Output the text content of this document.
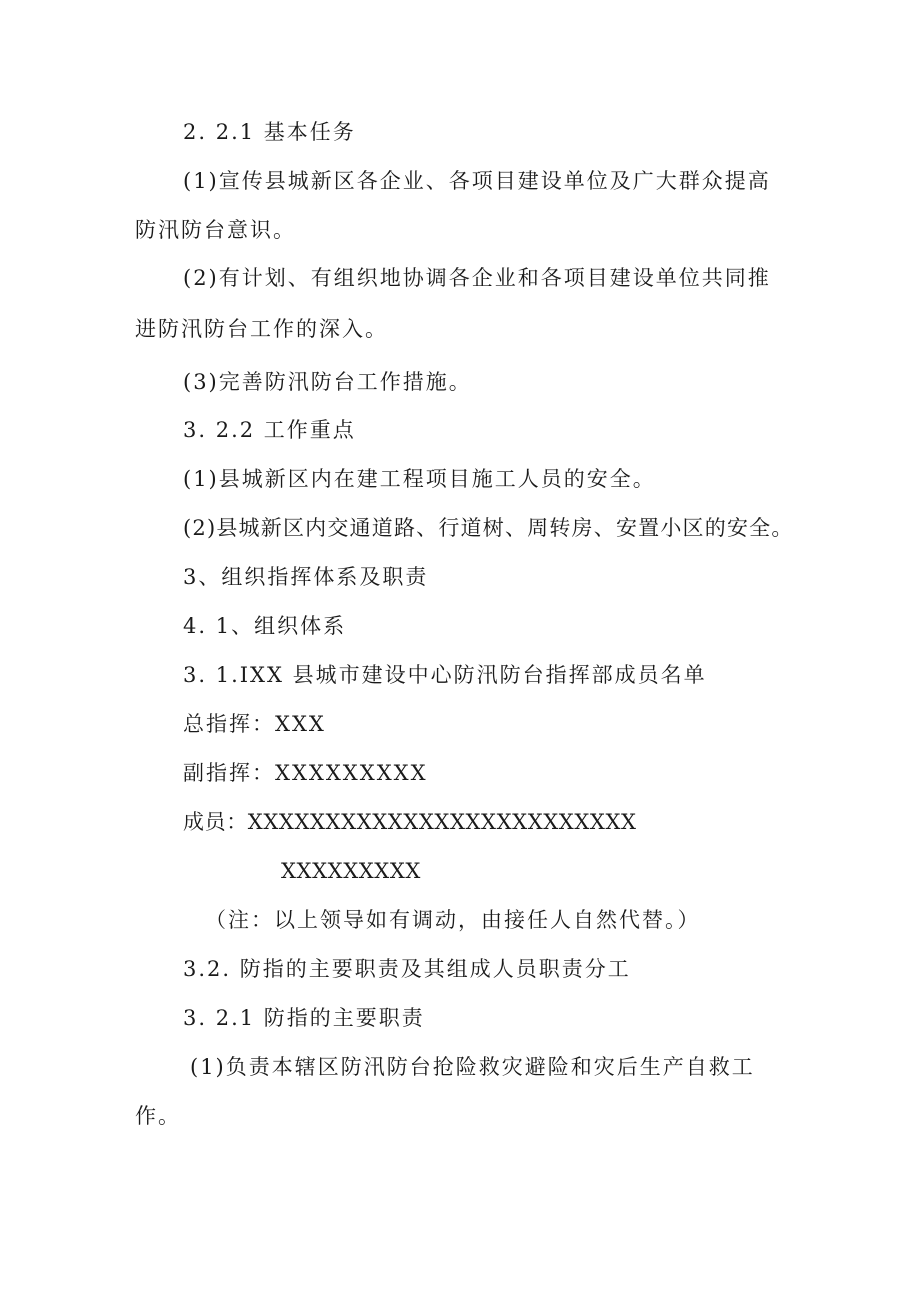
2. 2.1 基本任务
(1)宣传县城新区各企业、各项目建设单位及广大群众提高
防汛防台意识。
(2)有计划、有组织地协调各企业和各项目建设单位共同推
进防汛防台工作的深入。
(3)完善防汛防台工作措施。
3. 2.2 工作重点
(1)县城新区内在建工程项目施工人员的安全。
(2)县城新区内交通道路、行道树、周转房、安置小区的安全。
3、组织指挥体系及职责
4. 1、组织体系
3. 1.IXX 县城市建设中心防汛防台指挥部成员名单
总指挥：XXX
副指挥：XXXXXXXXX
成员：XXXXXXXXXXXXXXXXXXXXXXXXX
XXXXXXXXX
（注：以上领导如有调动，由接任人自然代替。）
3.2. 防指的主要职责及其组成人员职责分工
3. 2.1 防指的主要职责
(1)负责本辖区防汛防台抢险救灾避险和灾后生产自救工
作。
